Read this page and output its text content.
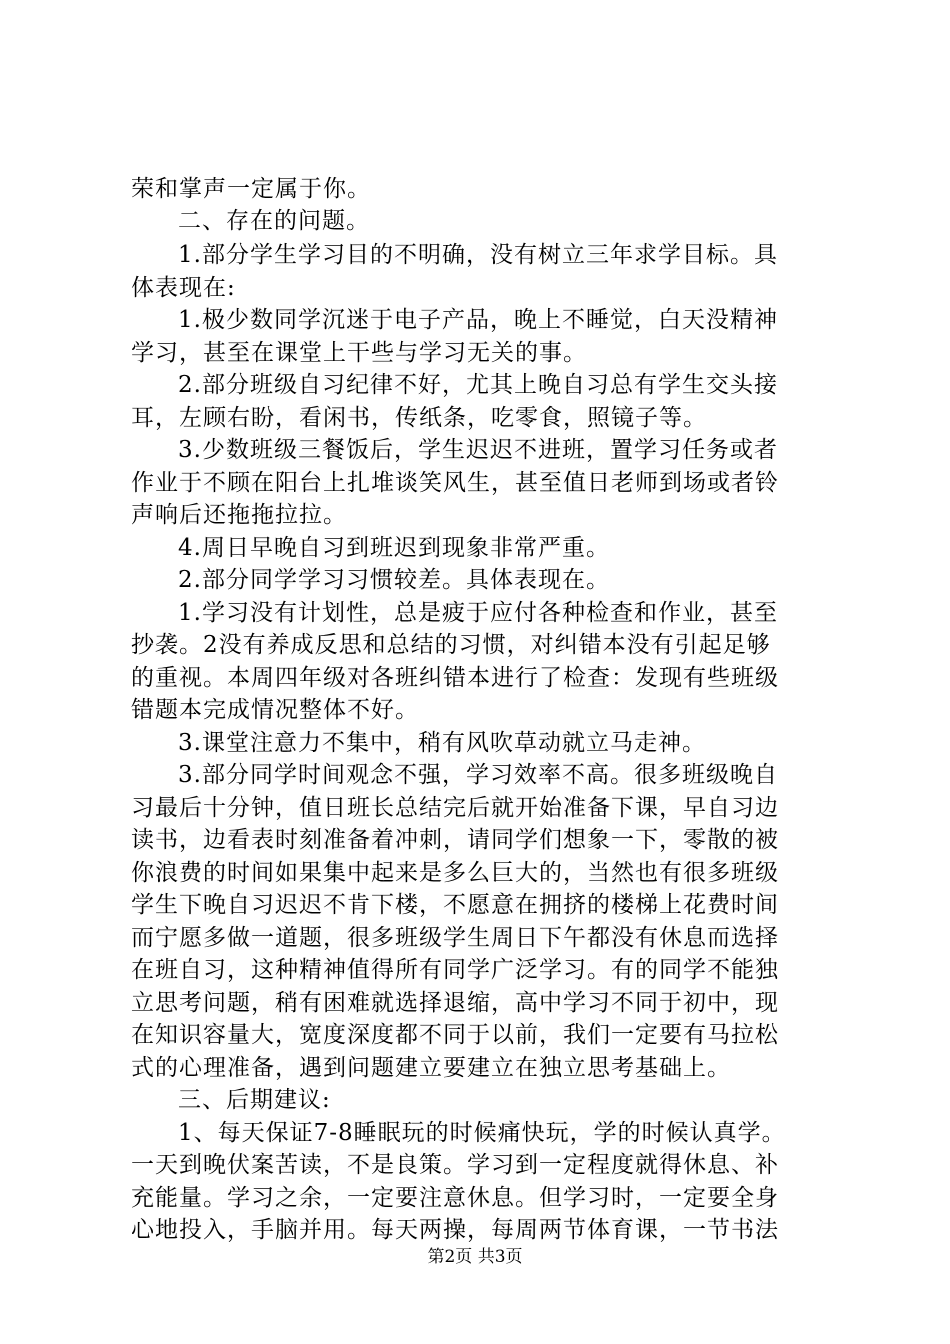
荣和掌声一定属于你。
二、存在的问题。
1.部分学生学习目的不明确，没有树立三年求学目标。具
体表现在:
1.极少数同学沉迷于电子产品，晚上不睡觉，白天没精神
学习，甚至在课堂上干些与学习无关的事。
2.部分班级自习纪律不好，尤其上晚自习总有学生交头接
耳，左顾右盼，看闲书，传纸条，吃零食，照镜子等。
3.少数班级三餐饭后，学生迟迟不进班，置学习任务或者
作业于不顾在阳台上扎堆谈笑风生，甚至值日老师到场或者铃
声响后还拖拖拉拉。
4.周日早晚自习到班迟到现象非常严重。
2.部分同学学习习惯较差。具体表现在。
1.学习没有计划性，总是疲于应付各种检查和作业，甚至
抄袭。2没有养成反思和总结的习惯，对纠错本没有引起足够
的重视。本周四年级对各班纠错本进行了检查：发现有些班级
错题本完成情况整体不好。
3.课堂注意力不集中，稍有风吹草动就立马走神。
3.部分同学时间观念不强，学习效率不高。很多班级晚自
习最后十分钟，值日班长总结完后就开始准备下课，早自习边
读书，边看表时刻准备着冲刺，请同学们想象一下，零散的被
你浪费的时间如果集中起来是多么巨大的，当然也有很多班级
学生下晚自习迟迟不肯下楼，不愿意在拥挤的楼梯上花费时间
而宁愿多做一道题，很多班级学生周日下午都没有休息而选择
在班自习，这种精神值得所有同学广泛学习。有的同学不能独
立思考问题，稍有困难就选择退缩，高中学习不同于初中，现
在知识容量大，宽度深度都不同于以前，我们一定要有马拉松
式的心理准备，遇到问题建立要建立在独立思考基础上。
三、后期建议:
1、每天保证7-8睡眠玩的时候痛快玩，学的时候认真学。
一天到晚伏案苦读，不是良策。学习到一定程度就得休息、补
充能量。学习之余，一定要注意休息。但学习时，一定要全身
心地投入，手脑并用。每天两操，每周两节体育课，一节书法
第2页 共3页
